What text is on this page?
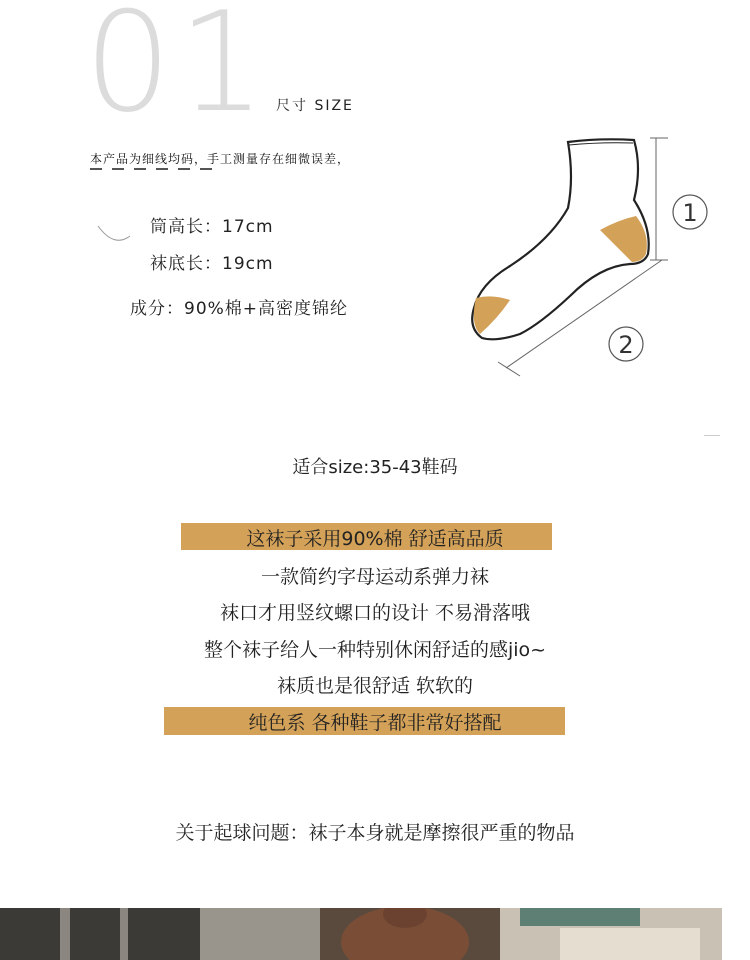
01 尺寸 SIZE
本产品为细线均码，手工测量存在细微误差，
筒高长：17cm
袜底长：19cm
成分：90%棉+高密度锦纶
1
2
适合size:35-43鞋码
这袜子采用90%棉 舒适高品质
一款简约字母运动系弹力袜
袜口才用竖纹螺口的设计 不易滑落哦
整个袜子给人一种特别休闲舒适的感jio~
袜质也是很舒适 软软的
纯色系 各种鞋子都非常好搭配
关于起球问题：袜子本身就是摩擦很严重的物品
